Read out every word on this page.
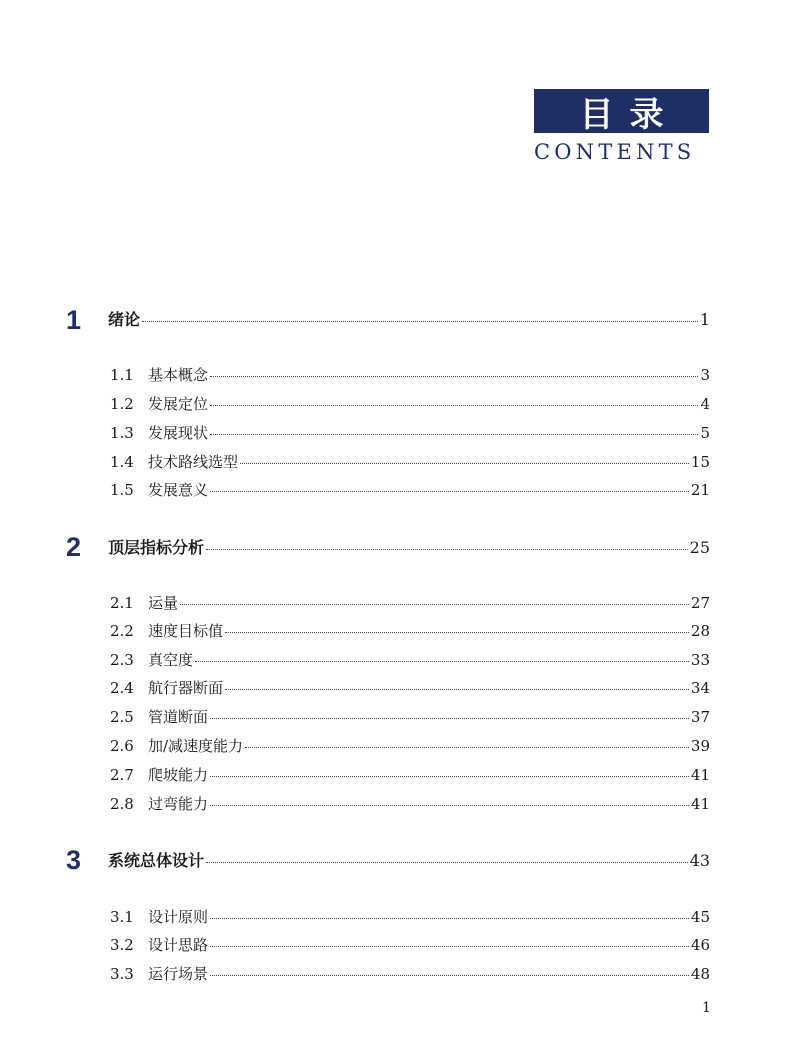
目录
CONTENTS
1 绪论	1
1.1 基本概念	3
1.2 发展定位	4
1.3 发展现状	5
1.4 技术路线选型	15
1.5 发展意义	21
2 顶层指标分析	25
2.1 运量	27
2.2 速度目标值	28
2.3 真空度	33
2.4 航行器断面	34
2.5 管道断面	37
2.6 加/减速度能力	39
2.7 爬坡能力	41
2.8 过弯能力	41
3 系统总体设计	43
3.1 设计原则	45
3.2 设计思路	46
3.3 运行场景	48
1
